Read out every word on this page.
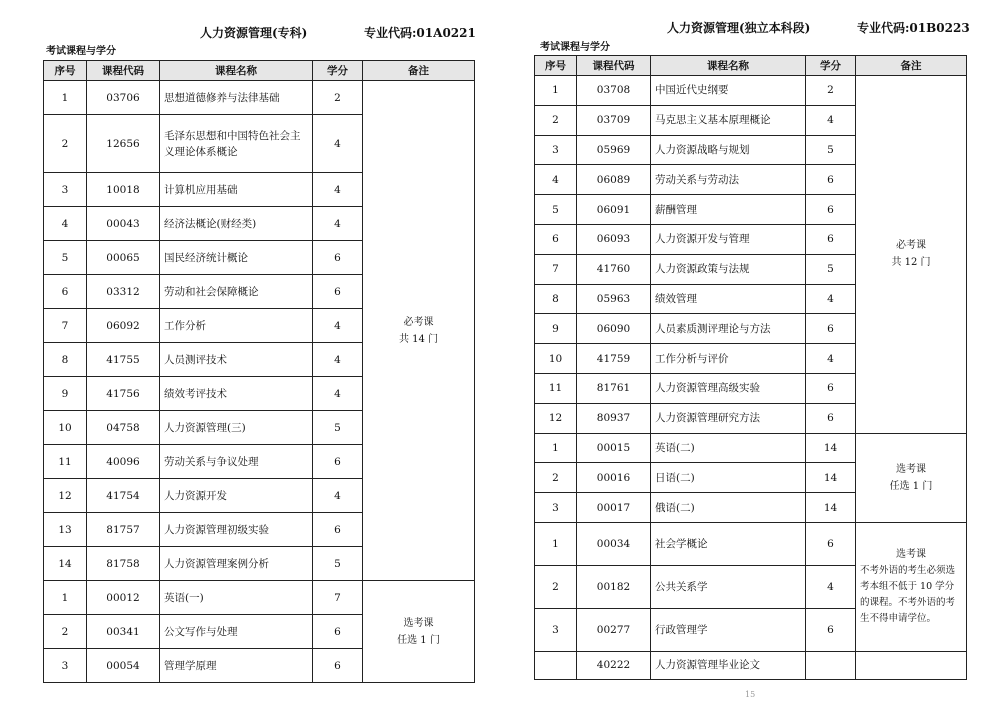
人力资源管理(专科)	专业代码:01A0221
考试课程与学分
序号	课程代码	课程名称	学分	备注
1	03706	思想道德修养与法律基础	2	必考课
共 14 门
2	12656	毛泽东思想和中国特色社会主义理论体系概论	4	
3	10018	计算机应用基础	4	
4	00043	经济法概论(财经类)	4	
5	00065	国民经济统计概论	6	
6	03312	劳动和社会保障概论	6	
7	06092	工作分析	4	
8	41755	人员测评技术	4	
9	41756	绩效考评技术	4	
10	04758	人力资源管理(三)	5	
11	40096	劳动关系与争议处理	6	
12	41754	人力资源开发	4	
13	81757	人力资源管理初级实验	6	
14	81758	人力资源管理案例分析	5	
1	00012	英语(一)	7	选考课
任选 1 门
2	00341	公文写作与处理	6	
3	00054	管理学原理	6	
人力资源管理(独立本科段)	专业代码:01B0223
考试课程与学分
序号	课程代码	课程名称	学分	备注
1	03708	中国近代史纲要	2	必考课
共 12 门
2	03709	马克思主义基本原理概论	4	
3	05969	人力资源战略与规划	5	
4	06089	劳动关系与劳动法	6	
5	06091	薪酬管理	6	
6	06093	人力资源开发与管理	6	
7	41760	人力资源政策与法规	5	
8	05963	绩效管理	4	
9	06090	人员素质测评理论与方法	6	
10	41759	工作分析与评价	4	
11	81761	人力资源管理高级实验	6	
12	80937	人力资源管理研究方法	6	
1	00015	英语(二)	14	选考课
任选 1 门
2	00016	日语(二)	14	
3	00017	俄语(二)	14	
1	00034	社会学概论	6	选考课
不考外语的考生必须选考本组不低于 10 学分的课程。不考外语的考生不得申请学位。

2	00182	公共关系学	4	
3	00277	行政管理学	6	
	40222	人力资源管理毕业论文		
15
